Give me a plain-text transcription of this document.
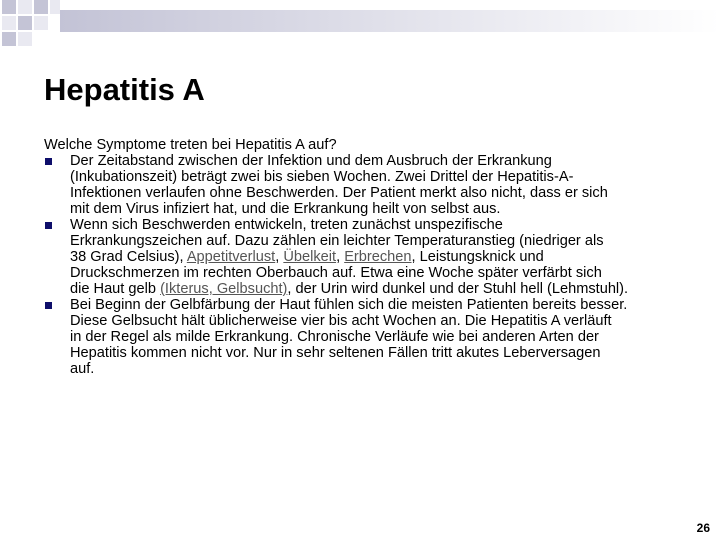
Hepatitis A

Welche Symptome treten bei Hepatitis A auf?

Der Zeitabstand zwischen der Infektion und dem Ausbruch der Erkrankung
(Inkubationszeit) beträgt zwei bis sieben Wochen. Zwei Drittel der Hepatitis-A-
Infektionen verlaufen ohne Beschwerden. Der Patient merkt also nicht, dass er sich
mit dem Virus infiziert hat, und die Erkrankung heilt von selbst aus.
Wenn sich Beschwerden entwickeln, treten zunächst unspezifische
Erkrankungszeichen auf. Dazu zählen ein leichter Temperaturanstieg (niedriger als
38 Grad Celsius), Appetitverlust, Übelkeit, Erbrechen, Leistungsknick und
Druckschmerzen im rechten Oberbauch auf. Etwa eine Woche später verfärbt sich
die Haut gelb (Ikterus, Gelbsucht), der Urin wird dunkel und der Stuhl hell (Lehmstuhl).
Bei Beginn der Gelbfärbung der Haut fühlen sich die meisten Patienten bereits besser.
Diese Gelbsucht hält üblicherweise vier bis acht Wochen an. Die Hepatitis A verläuft
in der Regel als milde Erkrankung. Chronische Verläufe wie bei anderen Arten der
Hepatitis kommen nicht vor. Nur in sehr seltenen Fällen tritt akutes Leberversagen
auf.
26
